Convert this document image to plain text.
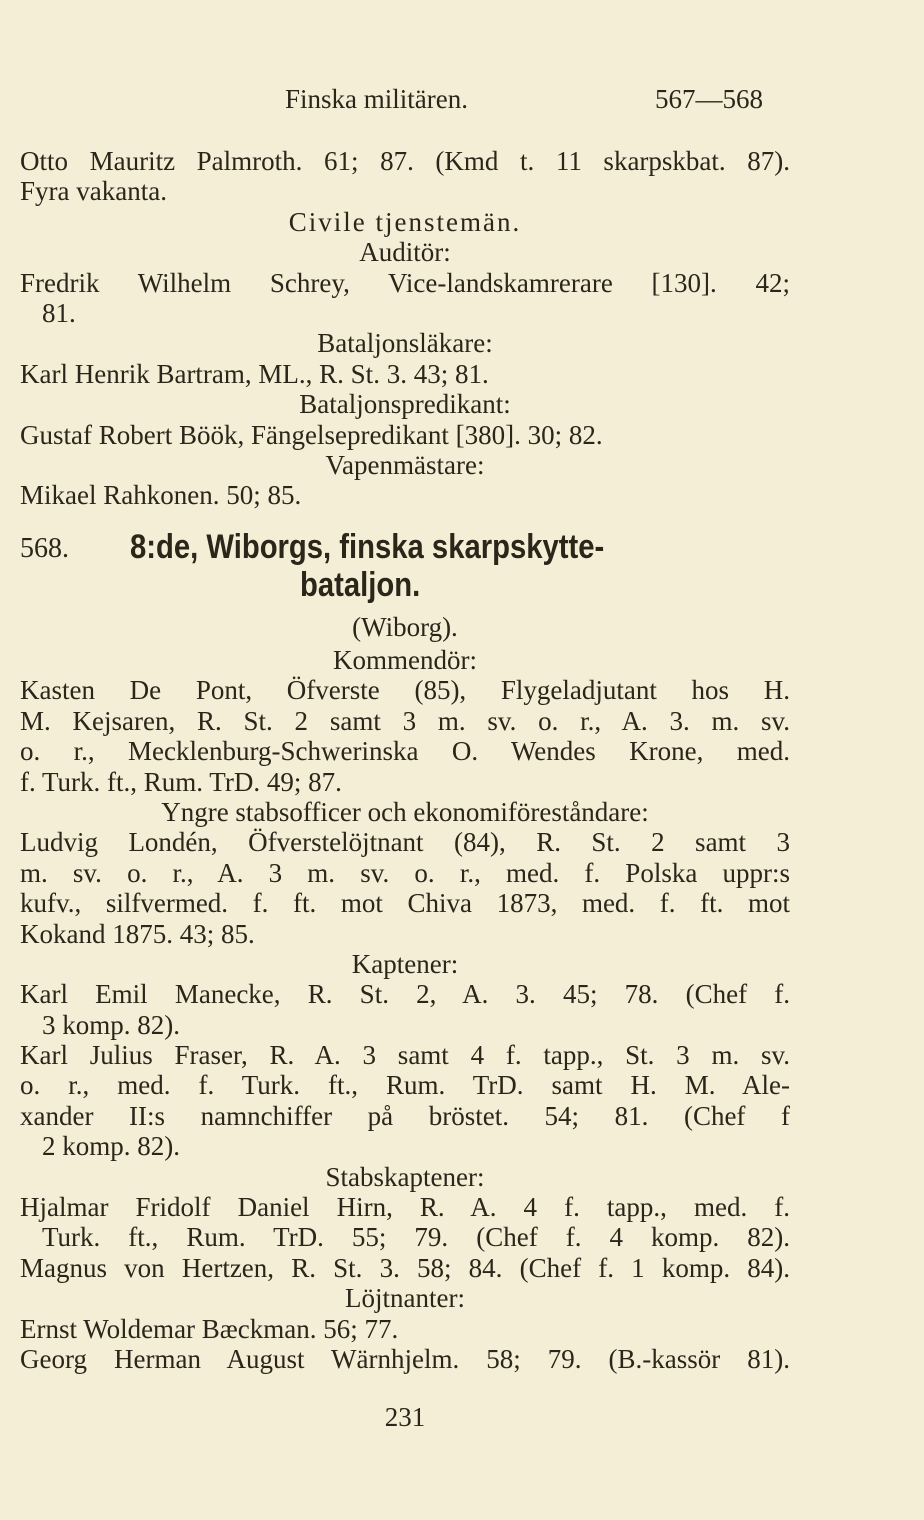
Finska militären.	567—568
Otto Mauritz Palmroth. 61; 87. (Kmd t. 11 skarpskbat. 87).
Fyra vakanta.
Civile tjenstemän.
Auditör:
Fredrik Wilhelm Schrey, Vice-landskamrerare [130]. 42;
81.
Bataljonsläkare:
Karl Henrik Bartram, ML., R. St. 3. 43; 81.
Bataljonspredikant:
Gustaf Robert Böök, Fängelsepredikant [380]. 30; 82.
Vapenmästare:
Mikael Rahkonen. 50; 85.
568. 8:de, Wiborgs, finska skarpskytte-
bataljon.
(Wiborg).
Kommendör:
Kasten De Pont, Öfverste (85), Flygeladjutant hos H.
M. Kejsaren, R. St. 2 samt 3 m. sv. o. r., A. 3. m. sv.
o. r., Mecklenburg-Schwerinska O. Wendes Krone, med.
f. Turk. ft., Rum. TrD. 49; 87.
Yngre stabsofficer och ekonomiföreståndare:
Ludvig Londén, Öfverstelöjtnant (84), R. St. 2 samt 3
m. sv. o. r., A. 3 m. sv. o. r., med. f. Polska uppr:s
kufv., silfvermed. f. ft. mot Chiva 1873, med. f. ft. mot
Kokand 1875. 43; 85.
Kaptener:
Karl Emil Manecke, R. St. 2, A. 3. 45; 78. (Chef f.
3 komp. 82).
Karl Julius Fraser, R. A. 3 samt 4 f. tapp., St. 3 m. sv.
o. r., med. f. Turk. ft., Rum. TrD. samt H. M. Ale-
xander II:s namnchiffer på bröstet. 54; 81. (Chef f
2 komp. 82).
Stabskaptener:
Hjalmar Fridolf Daniel Hirn, R. A. 4 f. tapp., med. f.
Turk. ft., Rum. TrD. 55; 79. (Chef f. 4 komp. 82).
Magnus von Hertzen, R. St. 3. 58; 84. (Chef f. 1 komp. 84).
Löjtnanter:
Ernst Woldemar Bæckman. 56; 77.
Georg Herman August Wärnhjelm. 58; 79. (B.-kassör 81).
231
